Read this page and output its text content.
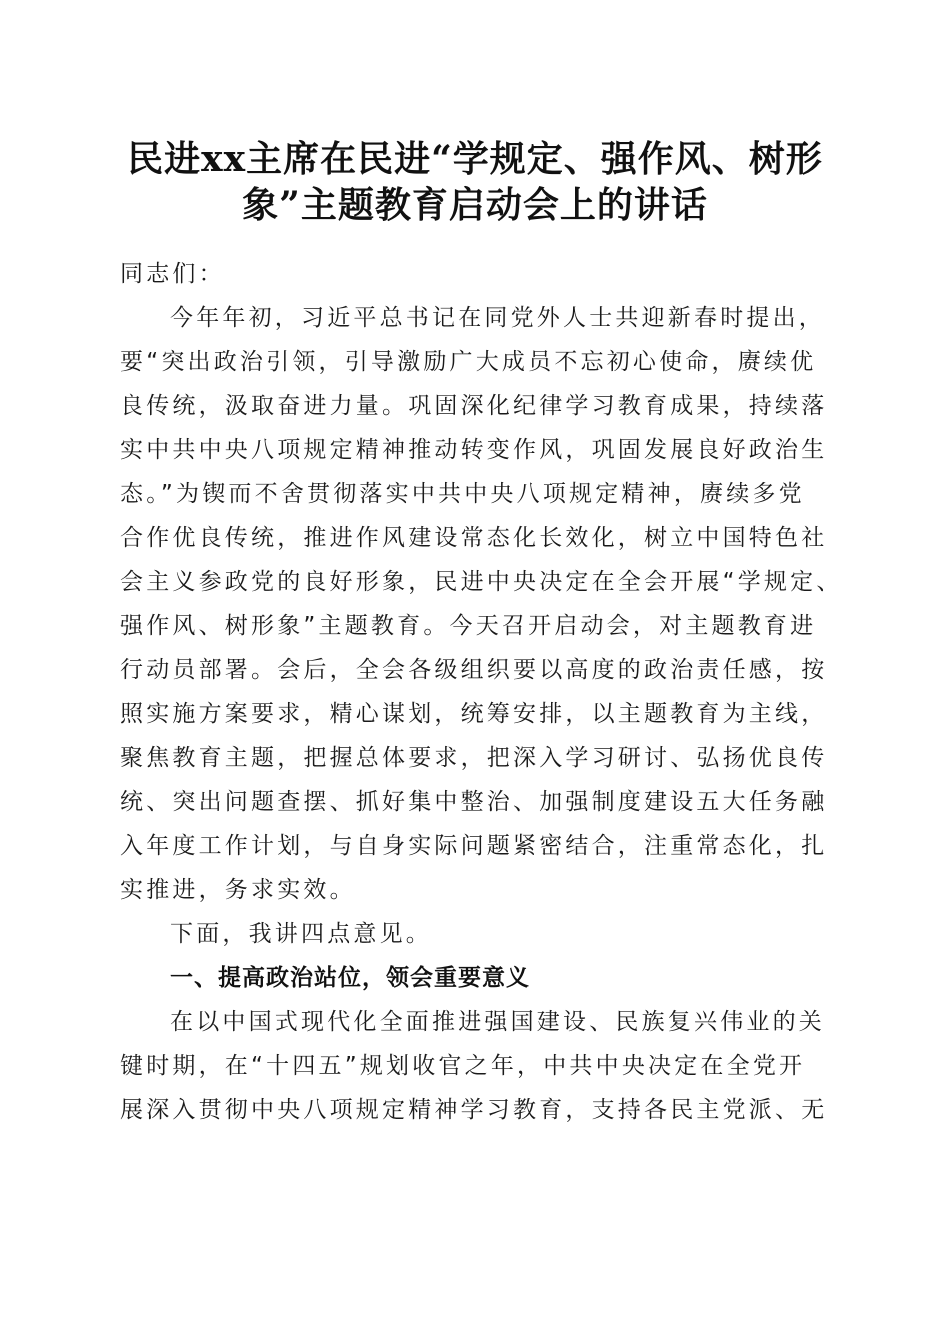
民进xx主席在民进“学规定、强作风、树形
象”主题教育启动会上的讲话
同志们：
今年年初，习近平总书记在同党外人士共迎新春时提出，
要“突出政治引领，引导激励广大成员不忘初心使命，赓续优
良传统，汲取奋进力量。巩固深化纪律学习教育成果，持续落
实中共中央八项规定精神推动转变作风，巩固发展良好政治生
态。”为锲而不舍贯彻落实中共中央八项规定精神，赓续多党
合作优良传统，推进作风建设常态化长效化，树立中国特色社
会主义参政党的良好形象，民进中央决定在全会开展“学规定、
强作风、树形象”主题教育。今天召开启动会，对主题教育进
行动员部署。会后，全会各级组织要以高度的政治责任感，按
照实施方案要求，精心谋划，统筹安排，以主题教育为主线，
聚焦教育主题，把握总体要求，把深入学习研讨、弘扬优良传
统、突出问题查摆、抓好集中整治、加强制度建设五大任务融
入年度工作计划，与自身实际问题紧密结合，注重常态化，扎
实推进，务求实效。
下面，我讲四点意见。
一、提高政治站位，领会重要意义
在以中国式现代化全面推进强国建设、民族复兴伟业的关
键时期，在“十四五”规划收官之年，中共中央决定在全党开
展深入贯彻中央八项规定精神学习教育，支持各民主党派、无
